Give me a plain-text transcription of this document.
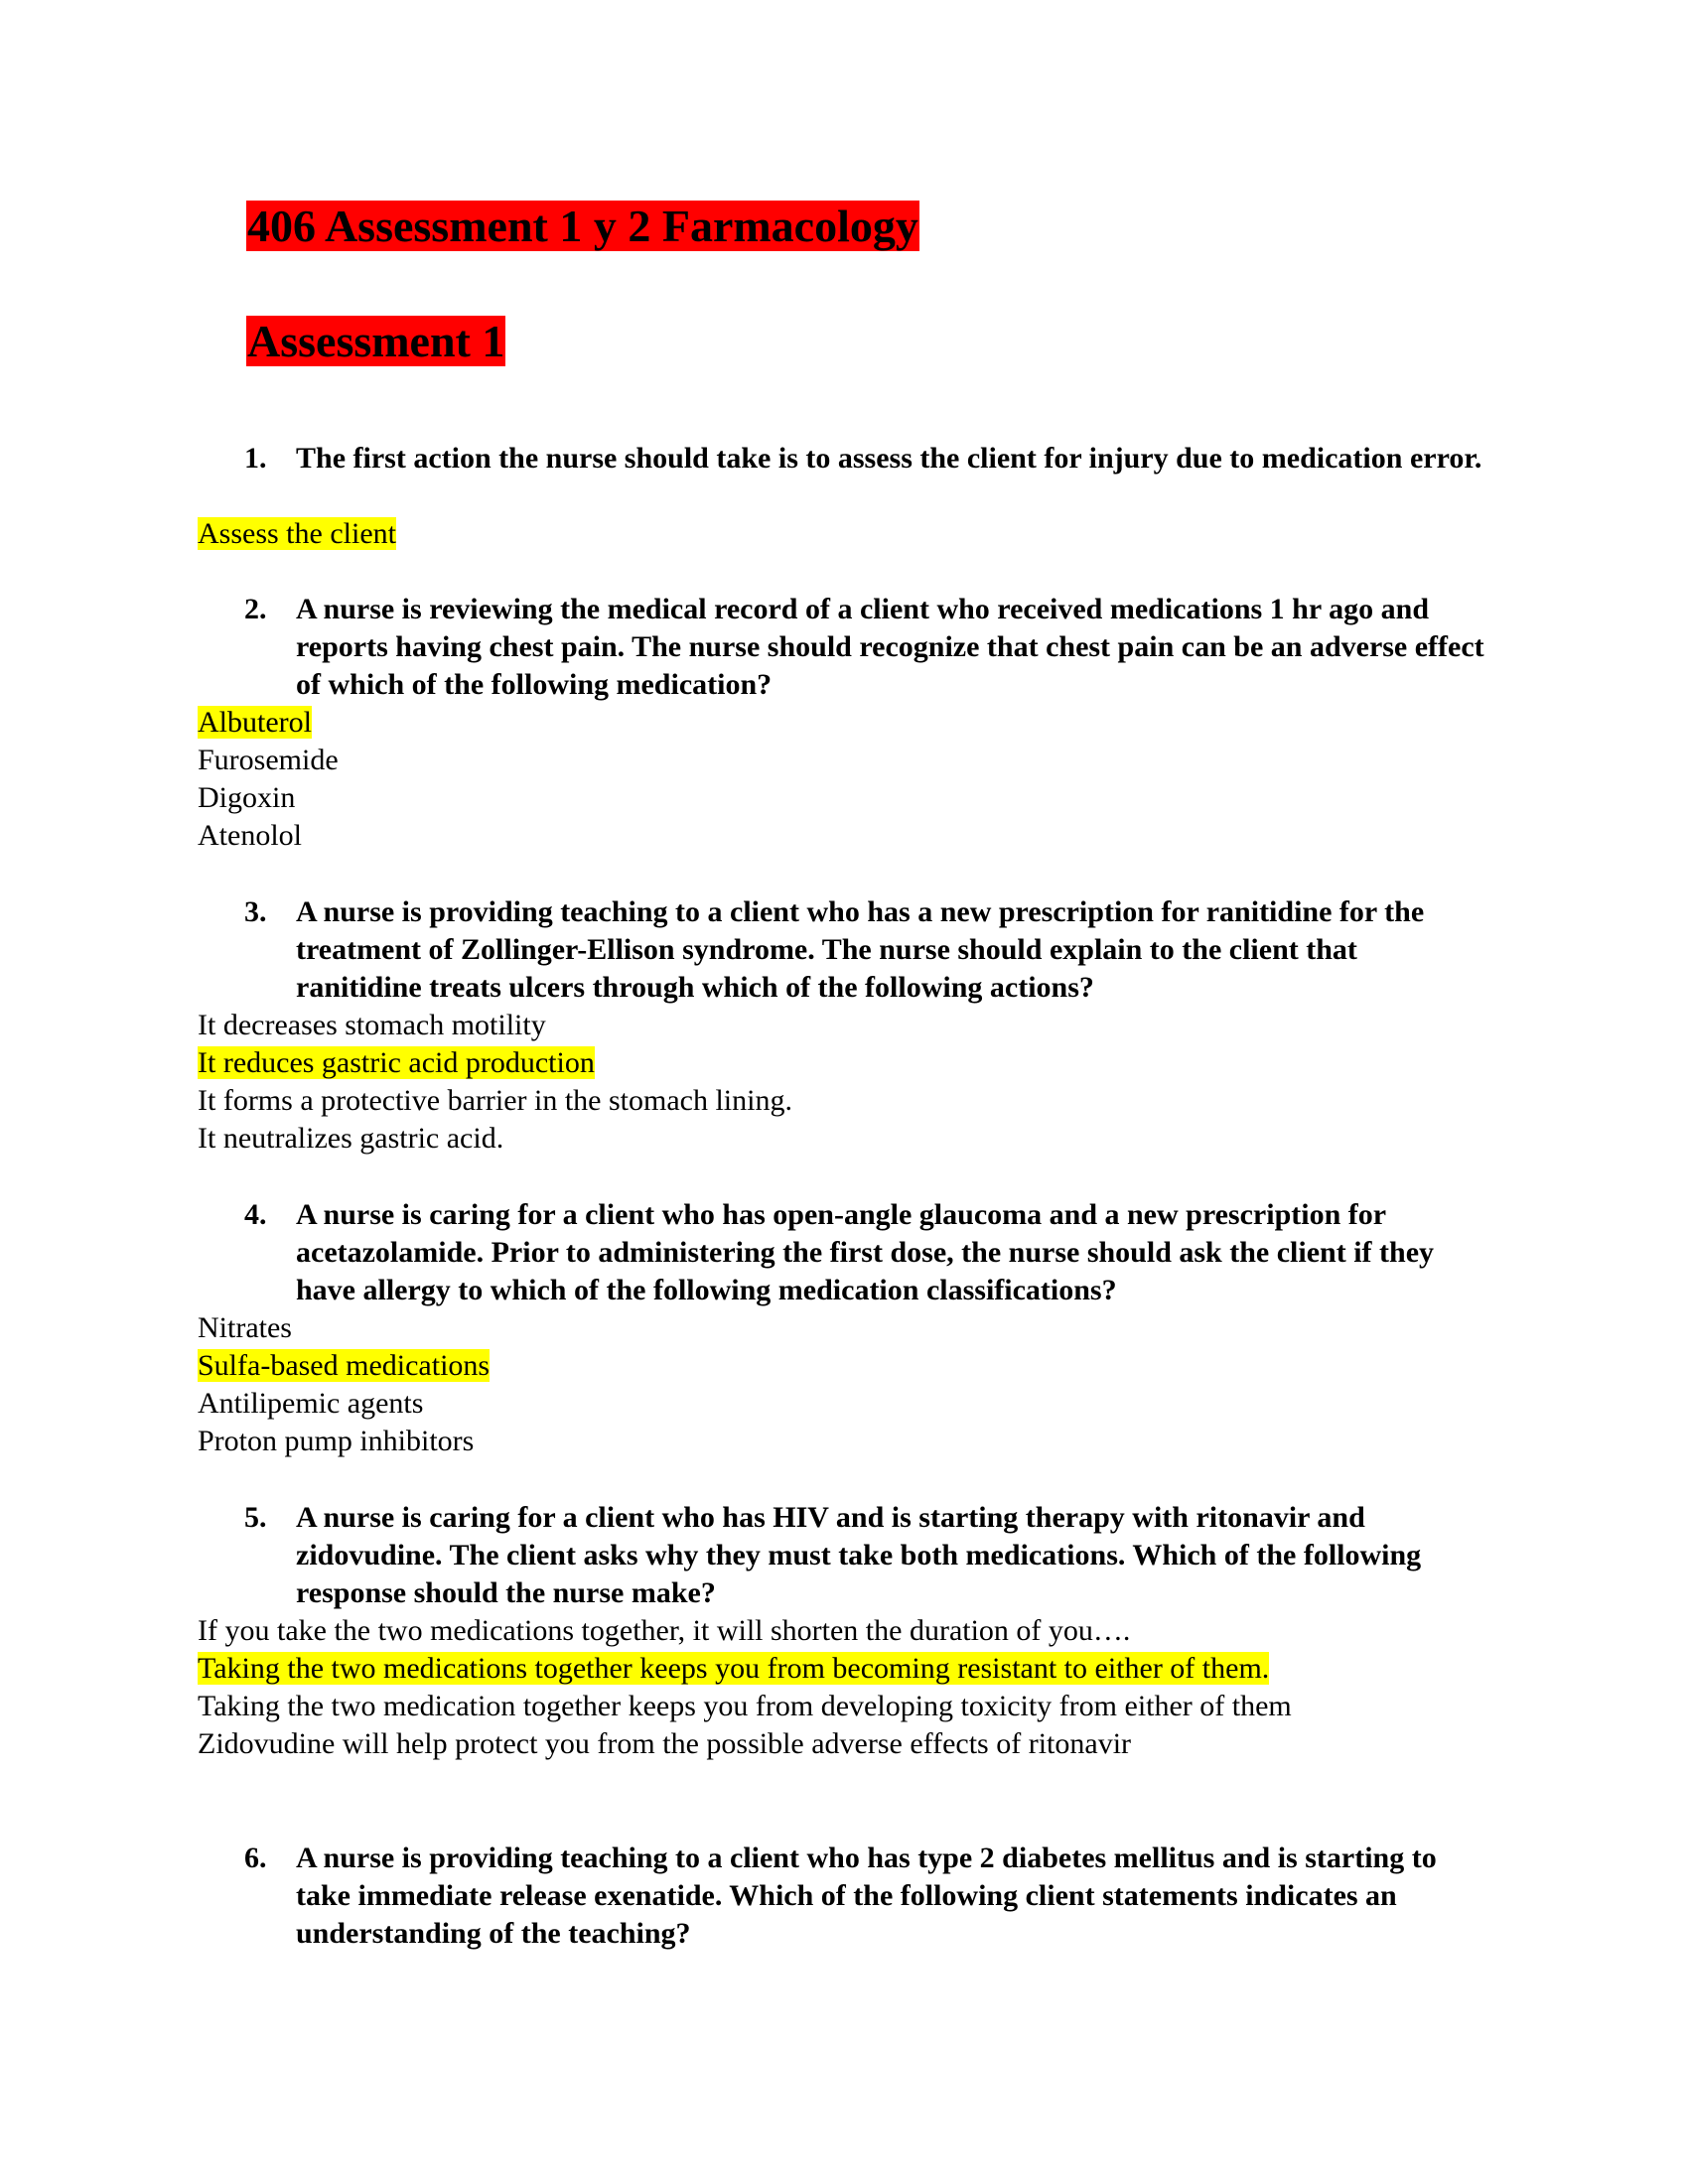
406 Assessment 1 y 2 Farmacology
Assessment 1
1. The first action the nurse should take is to assess the client for injury due to medication error.
Assess the client
2. A nurse is reviewing the medical record of a client who received medications 1 hr ago and reports having chest pain. The nurse should recognize that chest pain can be an adverse effect of which of the following medication?
Albuterol
Furosemide
Digoxin
Atenolol
3. A nurse is providing teaching to a client who has a new prescription for ranitidine for the treatment of Zollinger-Ellison syndrome. The nurse should explain to the client that ranitidine treats ulcers through which of the following actions?
It decreases stomach motility
It reduces gastric acid production
It forms a protective barrier in the stomach lining.
It neutralizes gastric acid.
4. A nurse is caring for a client who has open-angle glaucoma and a new prescription for acetazolamide. Prior to administering the first dose, the nurse should ask the client if they have allergy to which of the following medication classifications?
Nitrates
Sulfa-based medications
Antilipemic agents
Proton pump inhibitors
5. A nurse is caring for a client who has HIV and is starting therapy with ritonavir and zidovudine. The client asks why they must take both medications. Which of the following response should the nurse make?
If you take the two medications together, it will shorten the duration of you….
Taking the two medications together keeps you from becoming resistant to either of them.
Taking the two medication together keeps you from developing toxicity from either of them
Zidovudine will help protect you from the possible adverse effects of ritonavir
6. A nurse is providing teaching to a client who has type 2 diabetes mellitus and is starting to take immediate release exenatide. Which of the following client statements indicates an understanding of the teaching?
